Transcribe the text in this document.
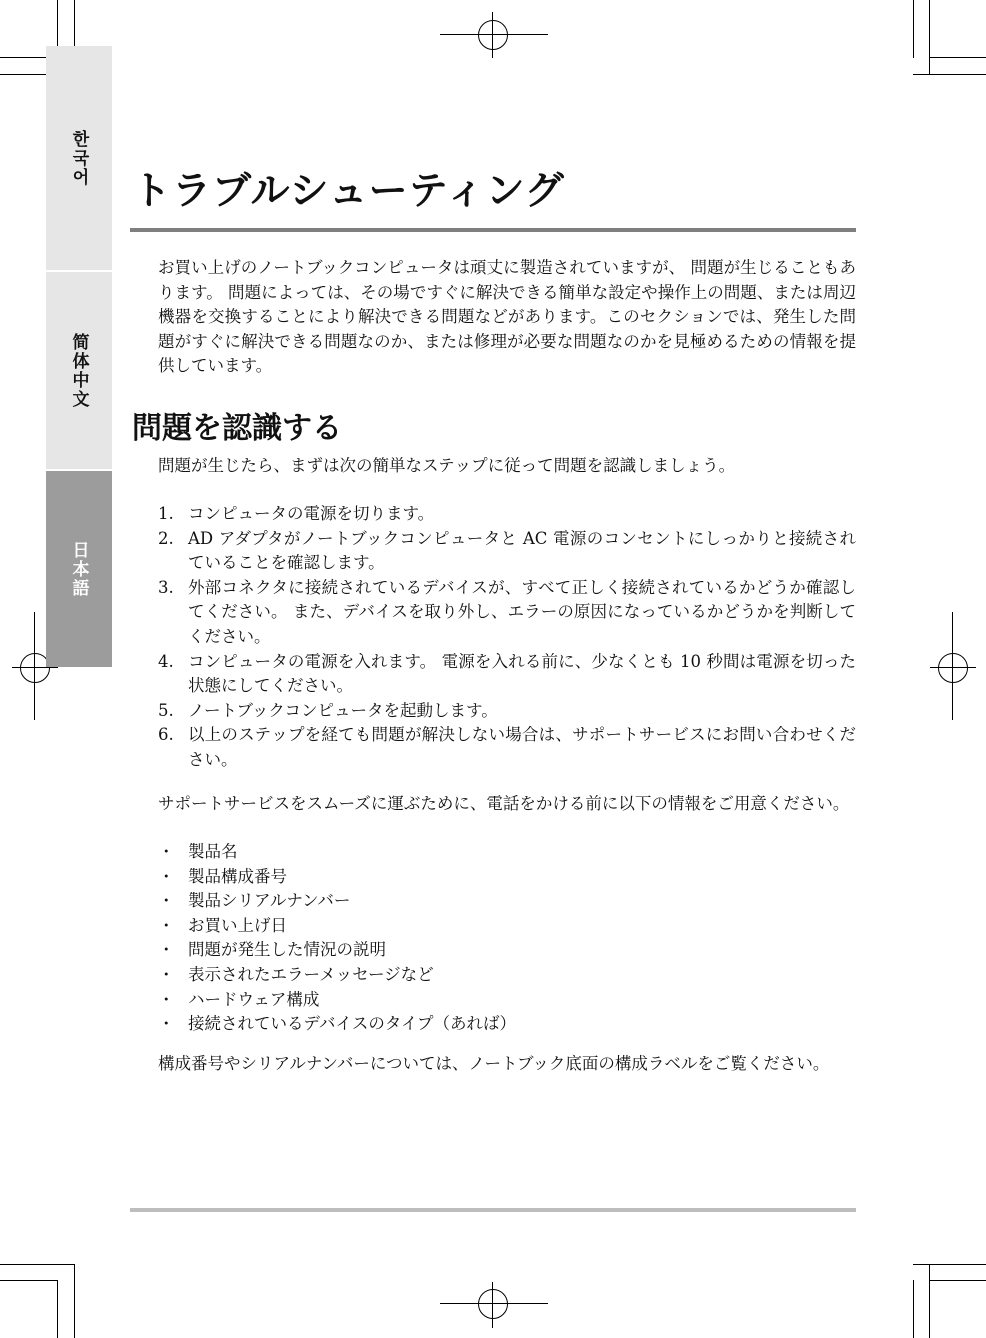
한국어
简体中文
日本語
トラブルシューティング

お買い上げのノートブックコンピュータは頑丈に製造されていますが、 問題が生じることもあります。 問題によっては、その場ですぐに解決できる簡単な設定や操作上の問題、または周辺機器を交換することにより解決できる問題などがあります。このセクションでは、発生した問題がすぐに解決できる問題なのか、または修理が必要な問題なのかを見極めるための情報を提供しています。

問題を認識する

問題が生じたら、まずは次の簡単なステップに従って問題を認識しましょう。

1. コンピュータの電源を切ります。
2. AD アダプタがノートブックコンピュータと AC 電源のコンセントにしっかりと接続されていることを確認します。
3. 外部コネクタに接続されているデバイスが、すべて正しく接続されているかどうか確認してください。 また、デバイスを取り外し、エラーの原因になっているかどうかを判断してください。
4. コンピュータの電源を入れます。 電源を入れる前に、少なくとも 10 秒間は電源を切った状態にしてください。
5. ノートブックコンピュータを起動します。
6. 以上のステップを経ても問題が解決しない場合は、サポートサービスにお問い合わせください。

サポートサービスをスムーズに運ぶために、電話をかける前に以下の情報をご用意ください。

・ 製品名
・ 製品構成番号
・ 製品シリアルナンバー
・ お買い上げ日
・ 問題が発生した情況の説明
・ 表示されたエラーメッセージなど
・ ハードウェア構成
・ 接続されているデバイスのタイプ（あれば）

構成番号やシリアルナンバーについては、ノートブック底面の構成ラベルをご覧ください。
